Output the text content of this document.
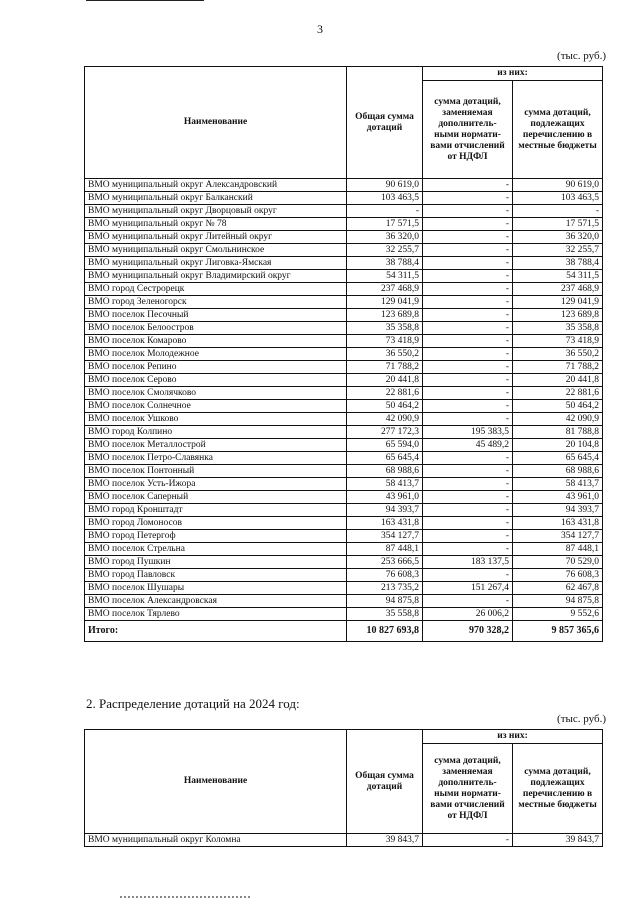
3
(тыс. руб.)
Наименование	Общая сумма дотаций	из них:	
		сумма дотаций, заменяемая дополнитель-ными нормати-вами отчислений от НДФЛ	сумма дотаций, подлежащих перечислению в местные бюджеты
ВМО муниципальный округ Александровский	90 619,0	-	90 619,0
ВМО муниципальный округ Балканский	103 463,5	-	103 463,5
ВМО муниципальный округ Дворцовый округ	-	-	-
ВМО муниципальный округ № 78	17 571,5	-	17 571,5
ВМО муниципальный округ Литейный округ	36 320,0	-	36 320,0
ВМО муниципальный округ Смольнинское	32 255,7	-	32 255,7
ВМО муниципальный округ Лиговка-Ямская	38 788,4	-	38 788,4
ВМО муниципальный округ Владимирский округ	54 311,5	-	54 311,5
ВМО город Сестрорецк	237 468,9	-	237 468,9
ВМО город Зеленогорск	129 041,9	-	129 041,9
ВМО поселок Песочный	123 689,8	-	123 689,8
ВМО поселок Белоостров	35 358,8	-	35 358,8
ВМО поселок Комарово	73 418,9	-	73 418,9
ВМО поселок Молодежное	36 550,2	-	36 550,2
ВМО поселок Репино	71 788,2	-	71 788,2
ВМО поселок Серово	20 441,8	-	20 441,8
ВМО поселок Смолячково	22 881,6	-	22 881,6
ВМО поселок Солнечное	50 464,2	-	50 464,2
ВМО поселок Ушково	42 090,9	-	42 090,9
ВМО город Колпино	277 172,3	195 383,5	81 788,8
ВМО поселок Металлострой	65 594,0	45 489,2	20 104,8
ВМО поселок Петро-Славянка	65 645,4	-	65 645,4
ВМО поселок Понтонный	68 988,6	-	68 988,6
ВМО поселок Усть-Ижора	58 413,7	-	58 413,7
ВМО поселок Саперный	43 961,0	-	43 961,0
ВМО город Кронштадт	94 393,7	-	94 393,7
ВМО город Ломоносов	163 431,8	-	163 431,8
ВМО город Петергоф	354 127,7	-	354 127,7
ВМО поселок Стрельна	87 448,1	-	87 448,1
ВМО город Пушкин	253 666,5	183 137,5	70 529,0
ВМО город Павловск	76 608,3	-	76 608,3
ВМО поселок Шушары	213 735,2	151 267,4	62 467,8
ВМО поселок Александровская	94 875,8	-	94 875,8
ВМО поселок Тярлево	35 558,8	26 006,2	9 552,6
Итого:	10 827 693,8	970 328,2	9 857 365,6
2. Распределение дотаций на 2024 год:
(тыс. руб.)
Наименование	Общая сумма дотаций	из них:	
		сумма дотаций, заменяемая дополнитель-ными нормати-вами отчислений от НДФЛ	сумма дотаций, подлежащих перечислению в местные бюджеты
ВМО муниципальный округ Коломна	39 843,7	-	39 843,7
